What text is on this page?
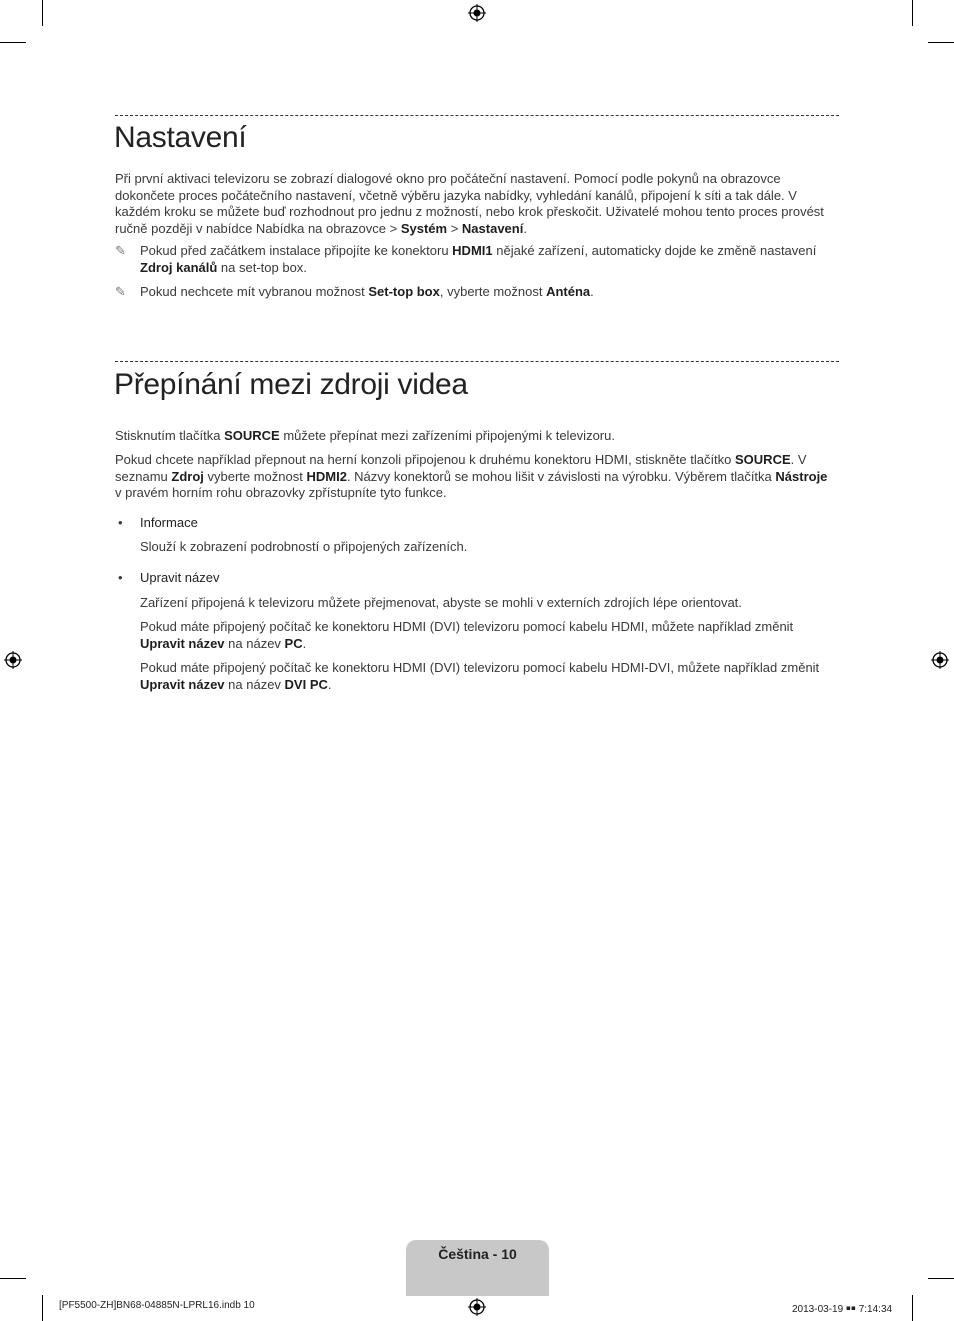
Nastavení

Při první aktivaci televizoru se zobrazí dialogové okno pro počáteční nastavení. Pomocí podle pokynů na obrazovce dokončete proces počátečního nastavení, včetně výběru jazyka nabídky, vyhledání kanálů, připojení k síti a tak dále. V každém kroku se můžete buď rozhodnout pro jednu z možností, nebo krok přeskočit. Uživatelé mohou tento proces provést ručně později v nabídce Nabídka na obrazovce > Systém > Nastavení.

✎	Pokud před začátkem instalace připojíte ke konektoru HDMI1 nějaké zařízení, automaticky dojde ke změně nastavení Zdroj kanálů na set-top box.
✎	Pokud nechcete mít vybranou možnost Set-top box, vyberte možnost Anténa.
Přepínání mezi zdroji videa

Stisknutím tlačítka SOURCE můžete přepínat mezi zařízeními připojenými k televizoru.

Pokud chcete například přepnout na herní konzoli připojenou k druhému konektoru HDMI, stiskněte tlačítko SOURCE. V seznamu Zdroj vyberte možnost HDMI2. Názvy konektorů se mohou lišit v závislosti na výrobku. Výběrem tlačítka Nástroje v pravém horním rohu obrazovky zpřístupníte tyto funkce.

• Informace

Slouží k zobrazení podrobností o připojených zařízeních.

• Upravit název

Zařízení připojená k televizoru můžete přejmenovat, abyste se mohli v externích zdrojích lépe orientovat.

Pokud máte připojený počítač ke konektoru HDMI (DVI) televizoru pomocí kabelu HDMI, můžete například změnit Upravit název na název PC.

Pokud máte připojený počítač ke konektoru HDMI (DVI) televizoru pomocí kabelu HDMI-DVI, můžete například změnit Upravit název na název DVI PC.

Čeština - 10
[PF5500-ZH]BN68-04885N-LPRL16.indb 10	2013-03-19 ￭￭ 7:14:34
